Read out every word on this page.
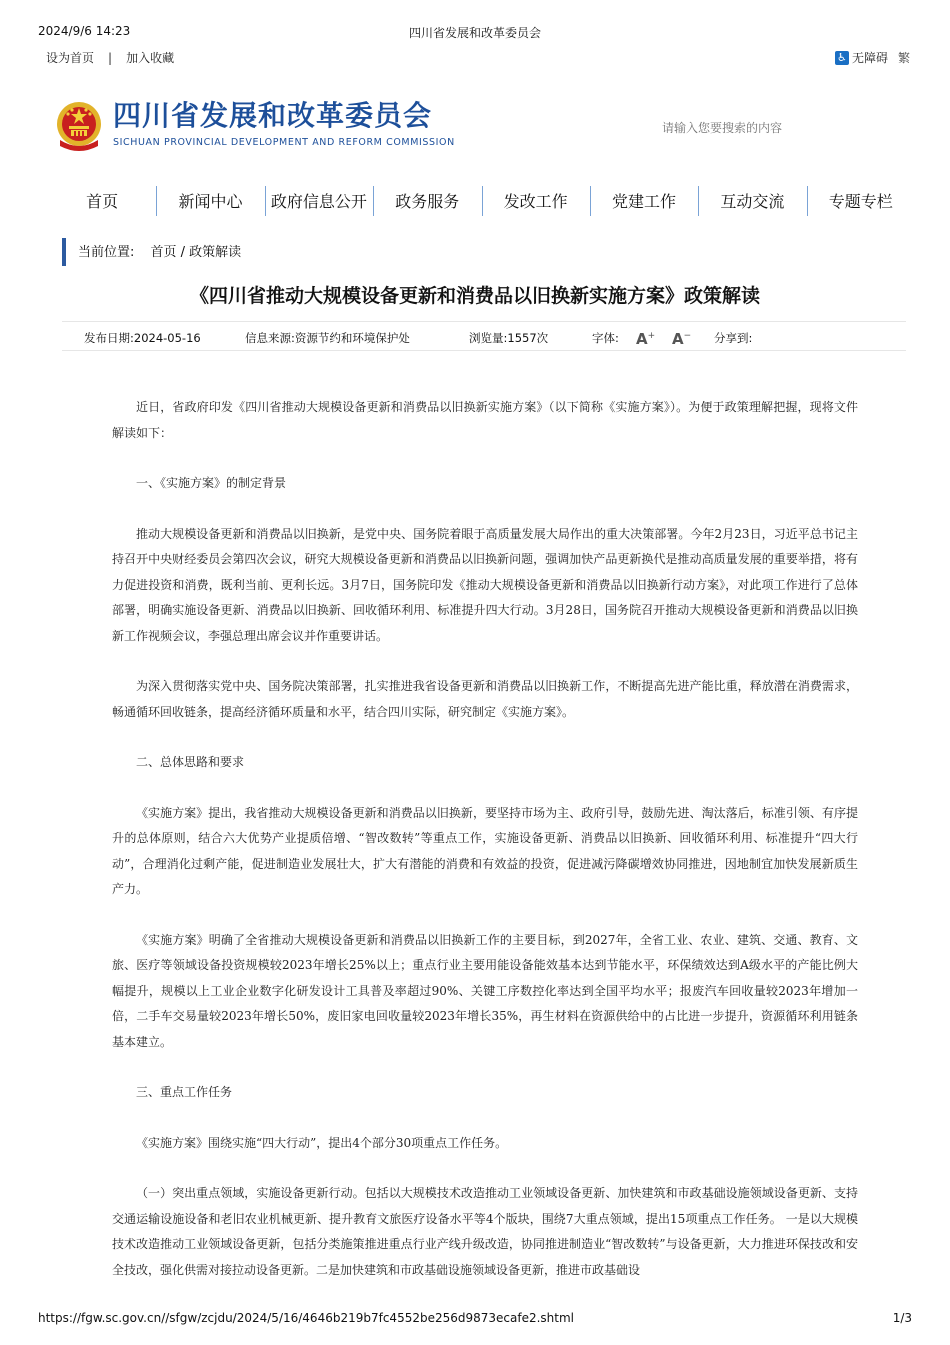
2024/9/6 14:23	四川省发展和改革委员会
设为首页 | 加入收藏	♿ 无障碍 繁
四川省发展和改革委员会
SICHUAN PROVINCIAL DEVELOPMENT AND REFORM COMMISSION
请输入您要搜索的内容
首页	新闻中心	政府信息公开	政务服务	发改工作	党建工作	互动交流	专题专栏
当前位置: 首页 / 政策解读
《四川省推动大规模设备更新和消费品以旧换新实施方案》政策解读
发布日期:2024-05-16	信息来源:资源节约和环境保护处	浏览量:1557次	字体: A+ A− 分享到:

近日，省政府印发《四川省推动大规模设备更新和消费品以旧换新实施方案》（以下简称《实施方案》）。为便于政策理解把握，现将文件解读如下：

一、《实施方案》的制定背景

推动大规模设备更新和消费品以旧换新，是党中央、国务院着眼于高质量发展大局作出的重大决策部署。今年2月23日，习近平总书记主持召开中央财经委员会第四次会议，研究大规模设备更新和消费品以旧换新问题，强调加快产品更新换代是推动高质量发展的重要举措，将有力促进投资和消费，既利当前、更利长远。3月7日，国务院印发《推动大规模设备更新和消费品以旧换新行动方案》，对此项工作进行了总体部署，明确实施设备更新、消费品以旧换新、回收循环利用、标准提升四大行动。3月28日，国务院召开推动大规模设备更新和消费品以旧换新工作视频会议，李强总理出席会议并作重要讲话。

为深入贯彻落实党中央、国务院决策部署，扎实推进我省设备更新和消费品以旧换新工作，不断提高先进产能比重，释放潜在消费需求，畅通循环回收链条，提高经济循环质量和水平，结合四川实际，研究制定《实施方案》。

二、总体思路和要求

《实施方案》提出，我省推动大规模设备更新和消费品以旧换新，要坚持市场为主、政府引导，鼓励先进、淘汰落后，标准引领、有序提升的总体原则，结合六大优势产业提质倍增、“智改数转”等重点工作，实施设备更新、消费品以旧换新、回收循环利用、标准提升“四大行动”，合理消化过剩产能，促进制造业发展壮大，扩大有潜能的消费和有效益的投资，促进减污降碳增效协同推进，因地制宜加快发展新质生产力。

《实施方案》明确了全省推动大规模设备更新和消费品以旧换新工作的主要目标，到2027年，全省工业、农业、建筑、交通、教育、文旅、医疗等领域设备投资规模较2023年增长25%以上；重点行业主要用能设备能效基本达到节能水平，环保绩效达到A级水平的产能比例大幅提升，规模以上工业企业数字化研发设计工具普及率超过90%、关键工序数控化率达到全国平均水平；报废汽车回收量较2023年增加一倍，二手车交易量较2023年增长50%，废旧家电回收量较2023年增长35%，再生材料在资源供给中的占比进一步提升，资源循环利用链条基本建立。

三、重点工作任务

《实施方案》围绕实施“四大行动”，提出4个部分30项重点工作任务。

（一）突出重点领域，实施设备更新行动。包括以大规模技术改造推动工业领域设备更新、加快建筑和市政基础设施领域设备更新、支持交通运输设施设备和老旧农业机械更新、提升教育文旅医疗设备水平等4个版块，围绕7大重点领域，提出15项重点工作任务。 一是以大规模技术改造推动工业领域设备更新，包括分类施策推进重点行业产线升级改造，协同推进制造业“智改数转”与设备更新，大力推进环保技改和安全技改，强化供需对接拉动设备更新。二是加快建筑和市政基础设施领域设备更新，推进市政基础设

https://fgw.sc.gov.cn//sfgw/zcjdu/2024/5/16/4646b219b7fc4552be256d9873ecafe2.shtml	1/3
